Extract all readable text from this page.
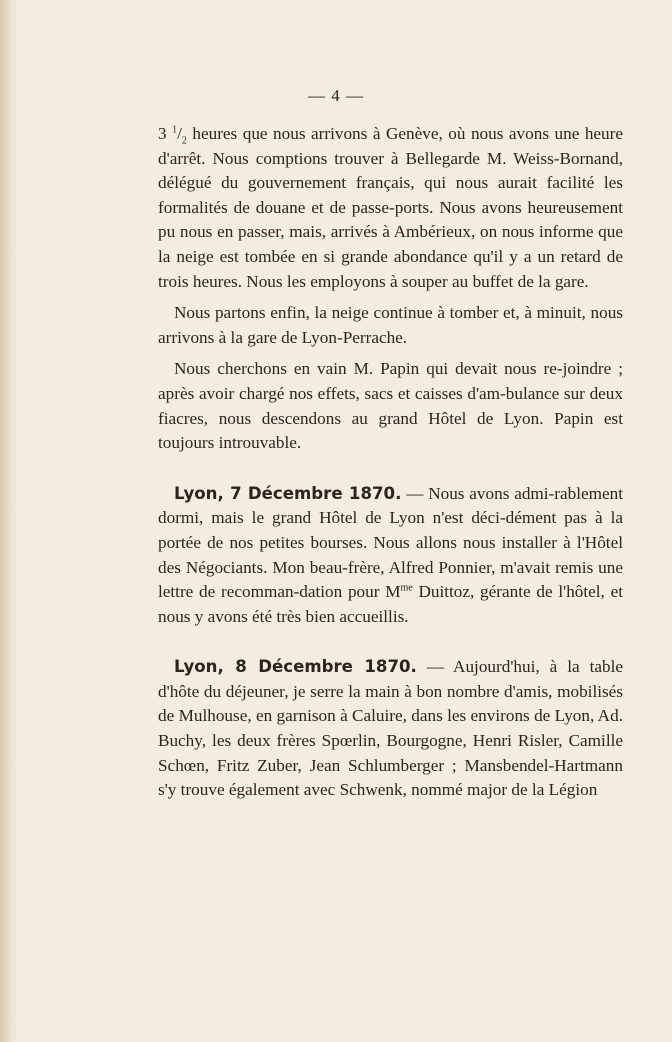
— 4 —

3 $^1/_2$ heures que nous arrivons à Genève, où nous avons une heure d'arrêt. Nous comptions trouver à Bellegarde M. Weiss-Bornand, délégué du gouvernement français, qui nous aurait facilité les formalités de douane et de passe-ports. Nous avons heureusement pu nous en passer, mais, arrivés à Ambérieux, on nous informe que la neige est tombée en si grande abondance qu'il y a un retard de trois heures. Nous les employons à souper au buffet de la gare.

Nous partons enfin, la neige continue à tomber et, à minuit, nous arrivons à la gare de Lyon-Perrache.

Nous cherchons en vain M. Papin qui devait nous re-joindre ; après avoir chargé nos effets, sacs et caisses d'am-bulance sur deux fiacres, nous descendons au grand Hôtel de Lyon. Papin est toujours introuvable.

Lyon, 7 Décembre 1870. — Nous avons admi-rablement dormi, mais le grand Hôtel de Lyon n'est déci-dément pas à la portée de nos petites bourses. Nous allons nous installer à l'Hôtel des Négociants. Mon beau-frère, Alfred Ponnier, m'avait remis une lettre de recomman-dation pour $M^{me}$ Duittoz, gérante de l'hôtel, et nous y avons été très bien accueillis.

Lyon, 8 Décembre 1870. — Aujourd'hui, à la table d'hôte du déjeuner, je serre la main à bon nombre d'amis, mobilisés de Mulhouse, en garnison à Caluire, dans les environs de Lyon, Ad. Buchy, les deux frères Spœrlin, Bourgogne, Henri Risler, Camille Schœn, Fritz Zuber, Jean Schlumberger ; Mansbendel-Hartmann s'y trouve également avec Schwenk, nommé major de la Légion
